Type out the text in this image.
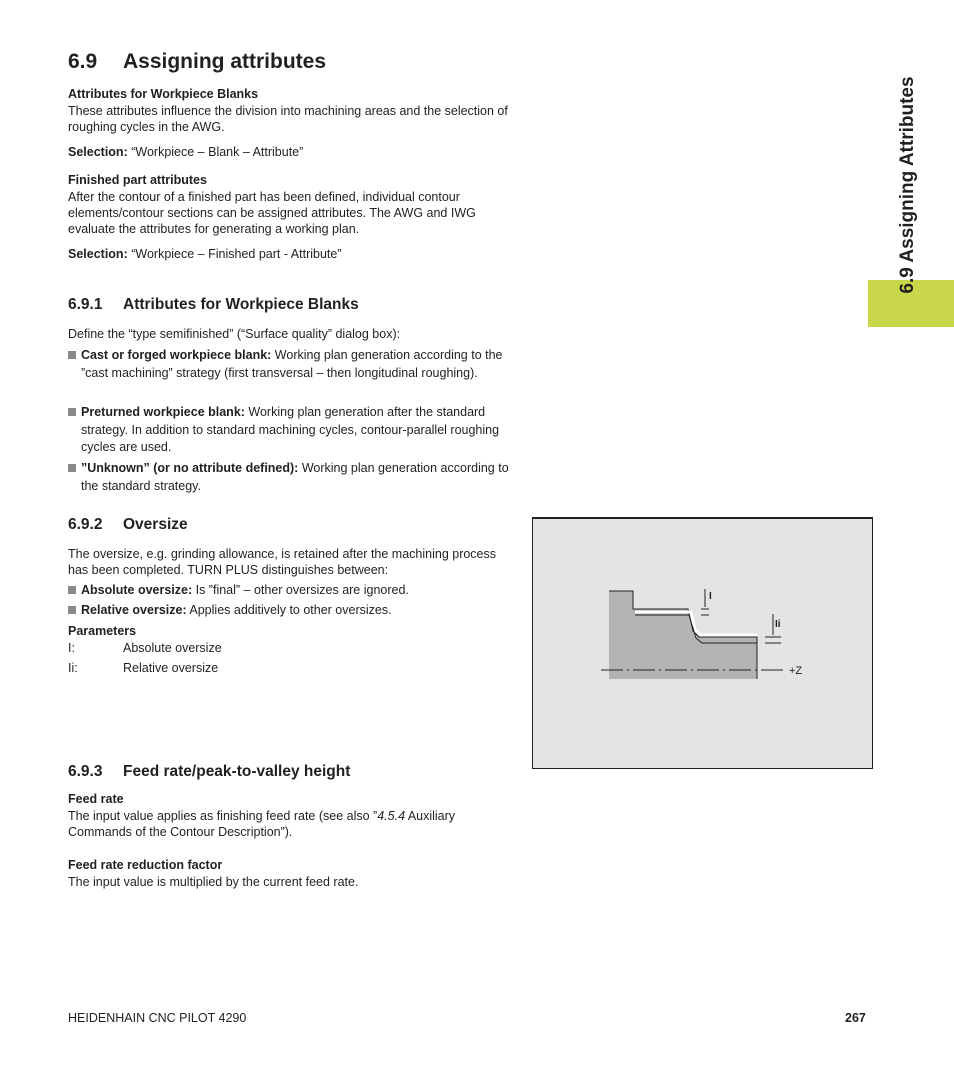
6.9 Assigning Attributes
6.9 Assigning attributes

Attributes for Workpiece Blanks

These attributes influence the division into machining areas and the selection of roughing cycles in the AWG.

Selection: “Workpiece – Blank – Attribute”

Finished part attributes

After the contour of a finished part has been defined, individual contour elements/contour sections can be assigned attributes. The AWG and IWG evaluate the attributes for generating a working plan.

Selection: “Workpiece – Finished part - Attribute”

6.9.1 Attributes for Workpiece Blanks

Define the “type semifinished” (“Surface quality” dialog box):

Cast or forged workpiece blank: Working plan generation according to the ”cast machining” strategy (first transversal – then longitudinal roughing).

Preturned workpiece blank: Working plan generation after the standard strategy. In addition to standard machining cycles, contour-parallel roughing cycles are used.

”Unknown” (or no attribute defined): Working plan generation according to the standard strategy.

6.9.2 Oversize

The oversize, e.g. grinding allowance, is retained after the machining process has been completed. TURN PLUS distinguishes between:

Absolute oversize: Is ”final” – other oversizes are ignored.

Relative oversize: Applies additively to other oversizes.

Parameters

I:	Absolute oversize
Ii:	Relative oversize
I
Ii
+Z
6.9.3 Feed rate/peak-to-valley height

Feed rate

The input value applies as finishing feed rate (see also ”4.5.4 Auxiliary Commands of the Contour Description”).

Feed rate reduction factor

The input value is multiplied by the current feed rate.

HEIDENHAIN CNC PILOT 4290	267
